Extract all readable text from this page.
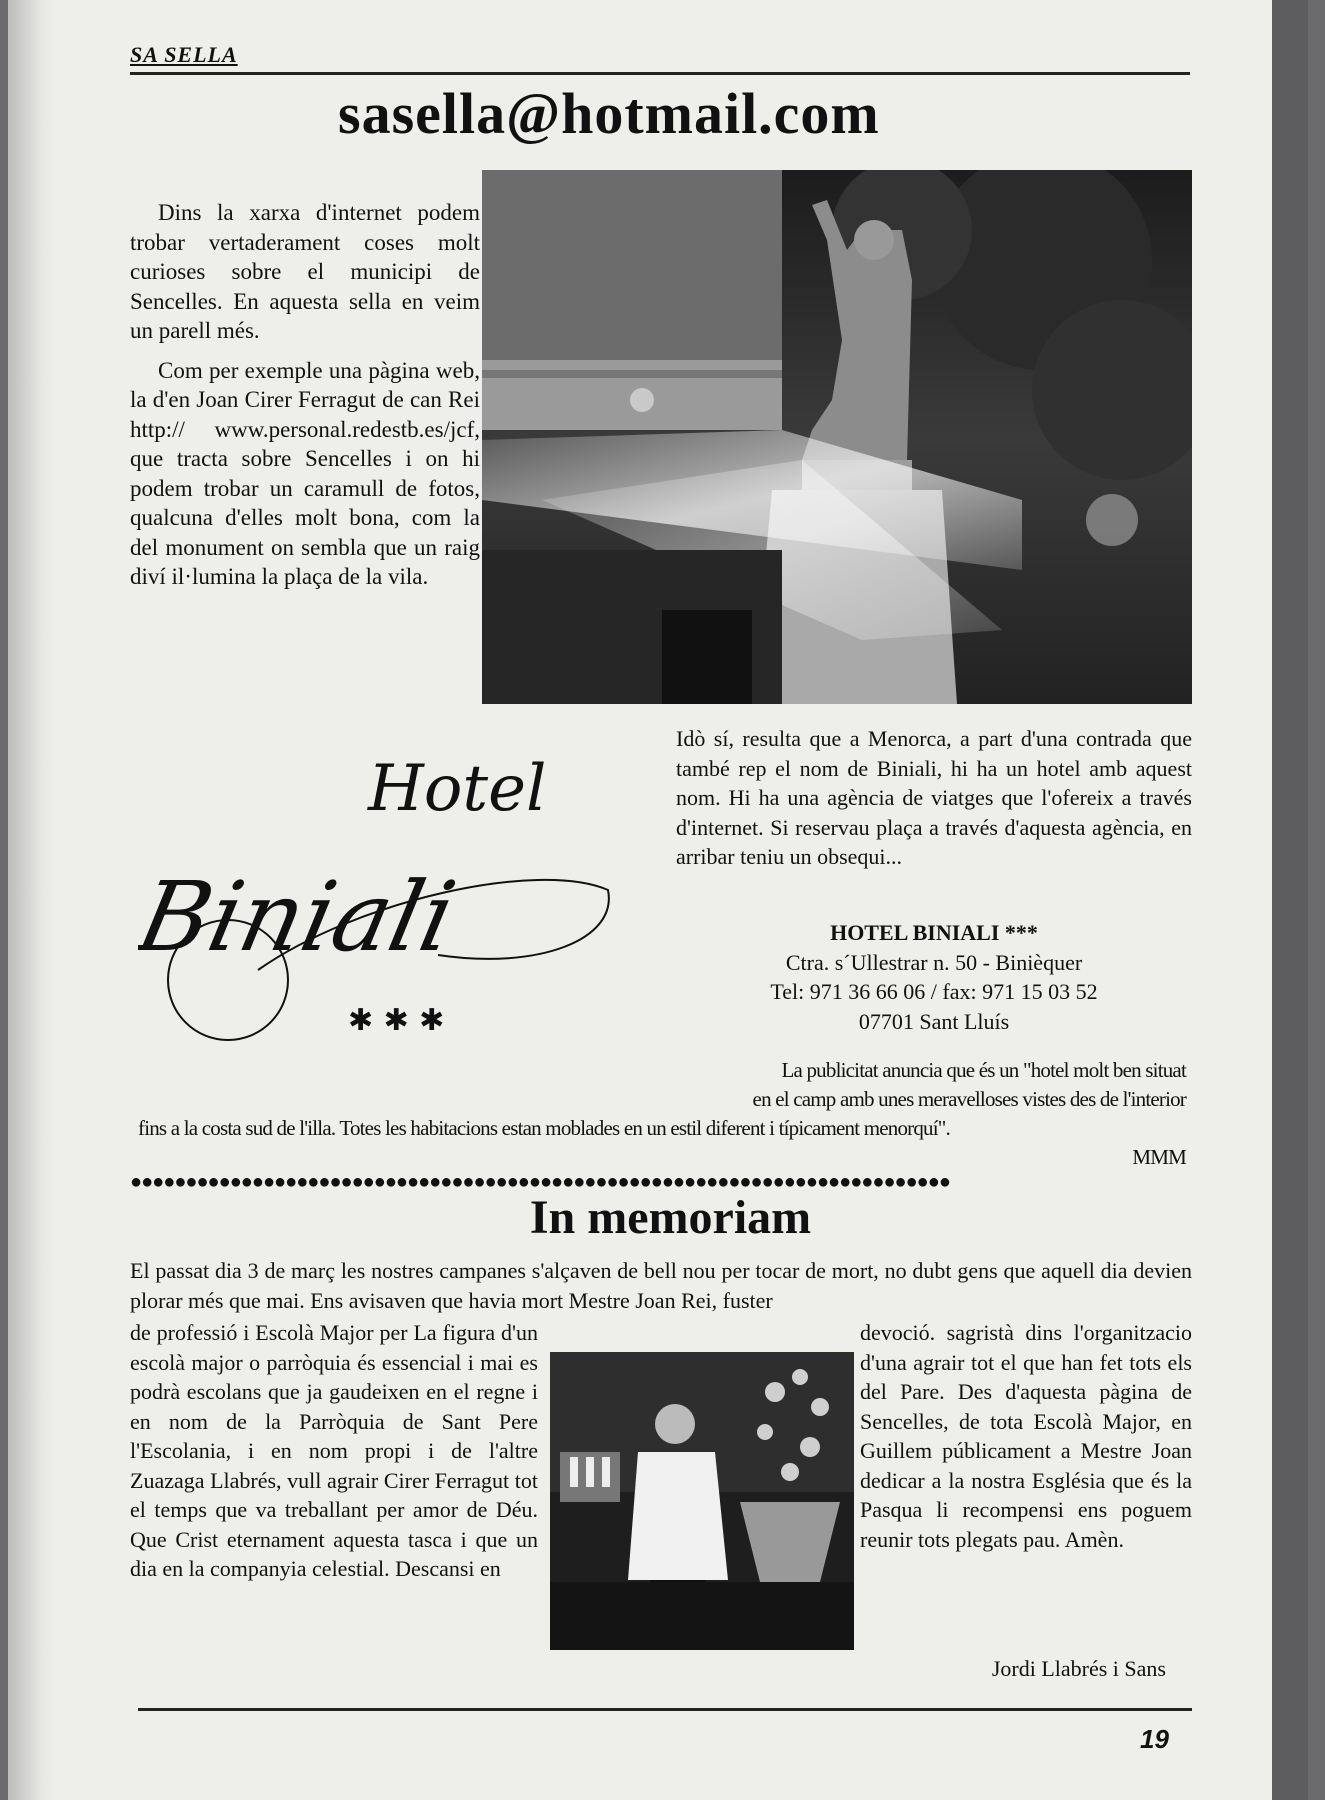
SA SELLA
sasella@hotmail.com

Dins la xarxa d'internet podem trobar vertaderament coses molt curioses sobre el municipi de Sencelles. En aquesta sella en veim un parell més.

Com per exemple una pàgina web, la d'en Joan Cirer Ferragut de can Rei http:// www.personal.redestb.es/jcf, que tracta sobre Sencelles i on hi podem trobar un caramull de fotos, qualcuna d'elles molt bona, com la del monument on sembla que un raig diví il·lumina la plaça de la vila.

Hotel
Biniali
✱ ✱ ✱
Idò sí, resulta que a Menorca, a part d'una contrada que també rep el nom de Biniali, hi ha un hotel amb aquest nom. Hi ha una agència de viatges que l'ofereix a través d'internet. Si reservau plaça a través d'aquesta agència, en arribar teniu un obsequi...
HOTEL BINIALI ***
Ctra. s´Ullestrar n. 50 - Binièquer
Tel: 971 36 66 06 / fax: 971 15 03 52
07701 Sant Lluís
La publicitat anuncia que és un "hotel molt ben situat
en el camp amb unes meravelloses vistes des de l'interior
fins a la costa sud de l'illa. Totes les habitacions estan moblades en un estil diferent i típicament menorquí".
MMM
●●●●●●●●●●●●●●●●●●●●●●●●●●●●●●●●●●●●●●●●●●●●●●●●●●●●●●●●●●●●●●●●●●●●●●●●●●
In memoriam
El passat dia 3 de març les nostres campanes s'alçaven de bell nou per tocar de mort, no dubt gens que aquell dia devien plorar més que mai. Ens avisaven que havia mort Mestre Joan Rei, fuster
de professió i Escolà Major per La figura d'un escolà major o parròquia és essencial i mai es podrà escolans que ja gaudeixen en el regne i en nom de la Parròquia de Sant Pere l'Escolania, i en nom propi i de l'altre Zuazaga Llabrés, vull agrair Cirer Ferragut tot el temps que va treballant per amor de Déu. Que Crist eternament aquesta tasca i que un dia en la companyia celestial. Descansi en
devoció. sagristà dins l'organitzacio d'una agrair tot el que han fet tots els del Pare. Des d'aquesta pàgina de Sencelles, de tota Escolà Major, en Guillem públicament a Mestre Joan dedicar a la nostra Església que és la Pasqua li recompensi ens poguem reunir tots plegats pau. Amèn.
Jordi Llabrés i Sans
19
